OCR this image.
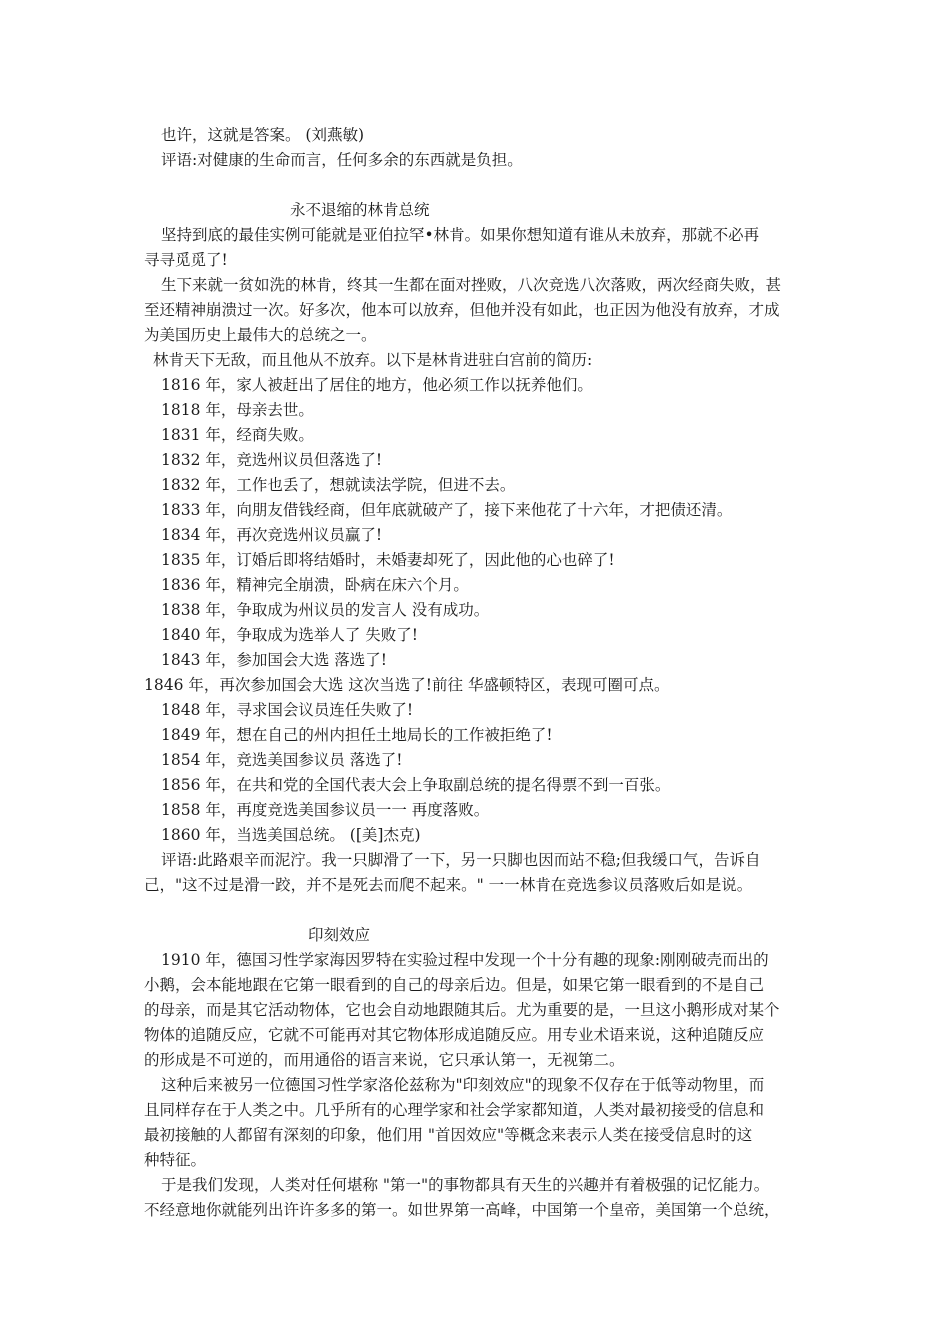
也许，这就是答案。 (刘燕敏)
评语:对健康的生命而言，任何多余的东西就是负担。
永不退缩的林肯总统
坚持到底的最佳实例可能就是亚伯拉罕•林肯。如果你想知道有谁从未放弃，那就不必再
寻寻觅觅了!
生下来就一贫如洗的林肯，终其一生都在面对挫败，八次竞选八次落败，两次经商失败，甚
至还精神崩溃过一次。好多次，他本可以放弃，但他并没有如此，也正因为他没有放弃，才成
为美国历史上最伟大的总统之一。
林肯天下无敌，而且他从不放弃。以下是林肯进驻白宫前的简历:
1816 年，家人被赶出了居住的地方，他必须工作以抚养他们。
1818 年，母亲去世。
1831 年，经商失败。
1832 年，竞选州议员但落选了!
1832 年，工作也丢了，想就读法学院，但进不去。
1833 年，向朋友借钱经商，但年底就破产了，接下来他花了十六年，才把债还清。
1834 年，再次竞选州议员赢了!
1835 年，订婚后即将结婚时，未婚妻却死了，因此他的心也碎了!
1836 年，精神完全崩溃，卧病在床六个月。
1838 年，争取成为州议员的发言人 没有成功。
1840 年，争取成为选举人了 失败了!
1843 年，参加国会大选 落选了!
1846 年，再次参加国会大选 这次当选了!前往 华盛顿特区，表现可圈可点。
1848 年，寻求国会议员连任失败了!
1849 年，想在自己的州内担任土地局长的工作被拒绝了!
1854 年，竞选美国参议员 落选了!
1856 年，在共和党的全国代表大会上争取副总统的提名得票不到一百张。
1858 年，再度竞选美国参议员一一 再度落败。
1860 年，当选美国总统。 ([美]杰克)
评语:此路艰辛而泥泞。我一只脚滑了一下，另一只脚也因而站不稳;但我缓口气，告诉自
己，"这不过是滑一跤，并不是死去而爬不起来。" 一一林肯在竞选参议员落败后如是说。
印刻效应
1910 年，德国习性学家海因罗特在实验过程中发现一个十分有趣的现象:刚刚破壳而出的
小鹅，会本能地跟在它第一眼看到的自己的母亲后边。但是，如果它第一眼看到的不是自己
的母亲，而是其它活动物体，它也会自动地跟随其后。尤为重要的是，一旦这小鹅形成对某个
物体的追随反应，它就不可能再对其它物体形成追随反应。用专业术语来说，这种追随反应
的形成是不可逆的，而用通俗的语言来说，它只承认第一，无视第二。
这种后来被另一位德国习性学家洛伦兹称为"印刻效应"的现象不仅存在于低等动物里，而
且同样存在于人类之中。几乎所有的心理学家和社会学家都知道，人类对最初接受的信息和
最初接触的人都留有深刻的印象，他们用 "首因效应"等概念来表示人类在接受信息时的这
种特征。
于是我们发现，人类对任何堪称 "第一"的事物都具有天生的兴趣并有着极强的记忆能力。
不经意地你就能列出许许多多的第一。如世界第一高峰，中国第一个皇帝，美国第一个总统，
